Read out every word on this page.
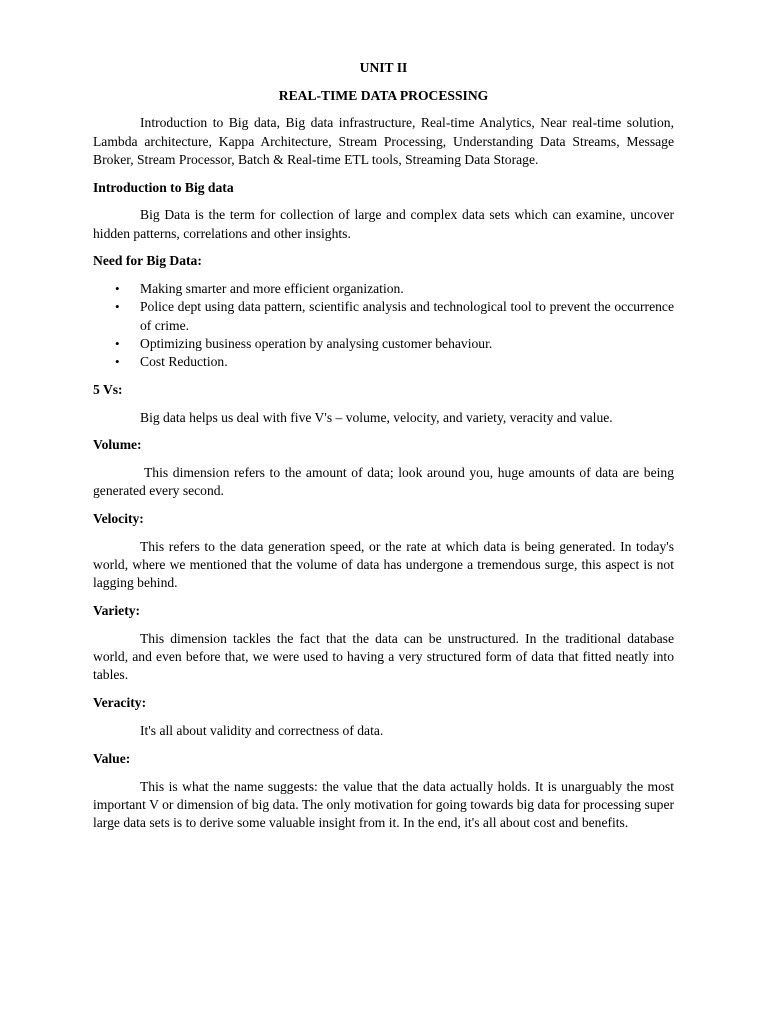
UNIT II

REAL-TIME DATA PROCESSING

Introduction to Big data, Big data infrastructure, Real-time Analytics, Near real-time solution, Lambda architecture, Kappa Architecture, Stream Processing, Understanding Data Streams, Message Broker, Stream Processor, Batch & Real-time ETL tools, Streaming Data Storage.

Introduction to Big data

Big Data is the term for collection of large and complex data sets which can examine, uncover hidden patterns, correlations and other insights.

Need for Big Data:
• Making smarter and more efficient organization.
• Police dept using data pattern, scientific analysis and technological tool to prevent the occurrence of crime.
• Optimizing business operation by analysing customer behaviour.
• Cost Reduction.
5 Vs:

Big data helps us deal with five V's – volume, velocity, and variety, veracity and value.

Volume:

This dimension refers to the amount of data; look around you, huge amounts of data are being generated every second.

Velocity:

This refers to the data generation speed, or the rate at which data is being generated. In today's world, where we mentioned that the volume of data has undergone a tremendous surge, this aspect is not lagging behind.

Variety:

This dimension tackles the fact that the data can be unstructured. In the traditional database world, and even before that, we were used to having a very structured form of data that fitted neatly into tables.

Veracity:

It's all about validity and correctness of data.

Value:

This is what the name suggests: the value that the data actually holds. It is unarguably the most important V or dimension of big data. The only motivation for going towards big data for processing super large data sets is to derive some valuable insight from it. In the end, it's all about cost and benefits.
